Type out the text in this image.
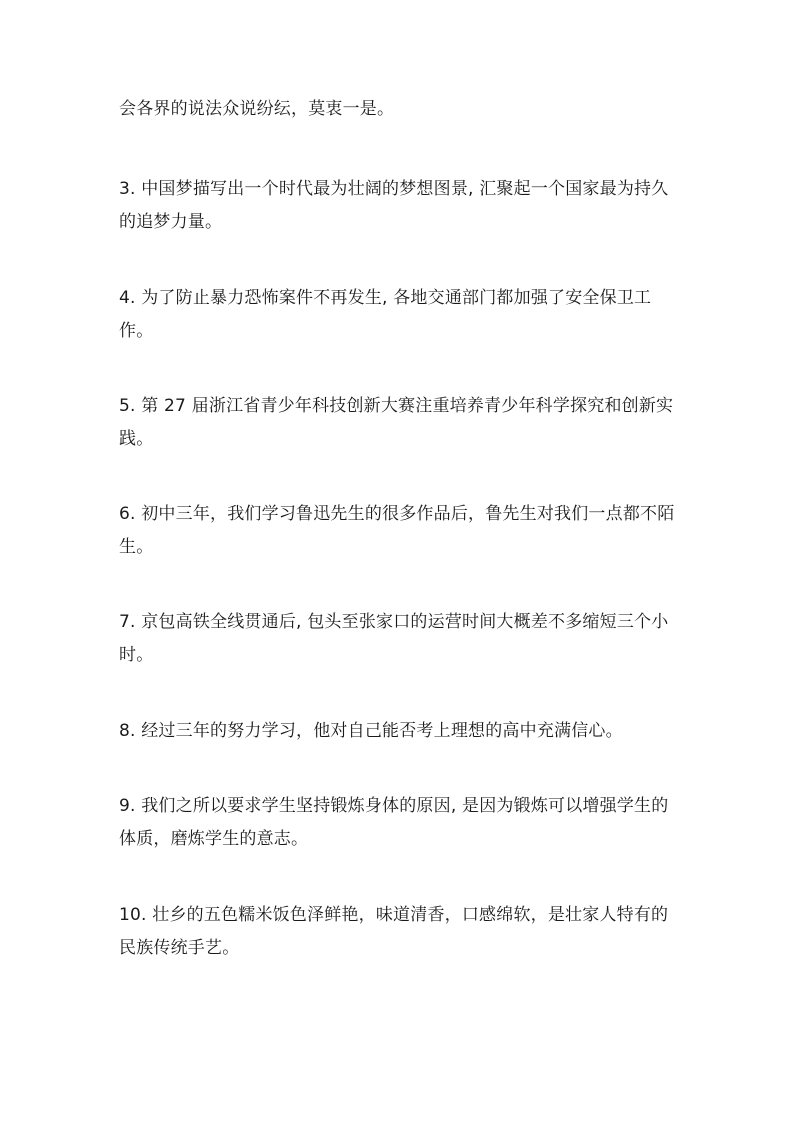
会各界的说法众说纷纭，莫衷一是。

3. 中国梦描写出一个时代最为壮阔的梦想图景, 汇聚起一个国家最为持久的追梦力量。

4. 为了防止暴力恐怖案件不再发生, 各地交通部门都加强了安全保卫工作。

5. 第 27 届浙江省青少年科技创新大赛注重培养青少年科学探究和创新实践。

6. 初中三年，我们学习鲁迅先生的很多作品后，鲁先生对我们一点都不陌生。

7. 京包高铁全线贯通后, 包头至张家口的运营时间大概差不多缩短三个小时。

8. 经过三年的努力学习，他对自己能否考上理想的高中充满信心。

9. 我们之所以要求学生坚持锻炼身体的原因, 是因为锻炼可以增强学生的体质，磨炼学生的意志。

10. 壮乡的五色糯米饭色泽鲜艳，味道清香，口感绵软，是壮家人特有的民族传统手艺。
